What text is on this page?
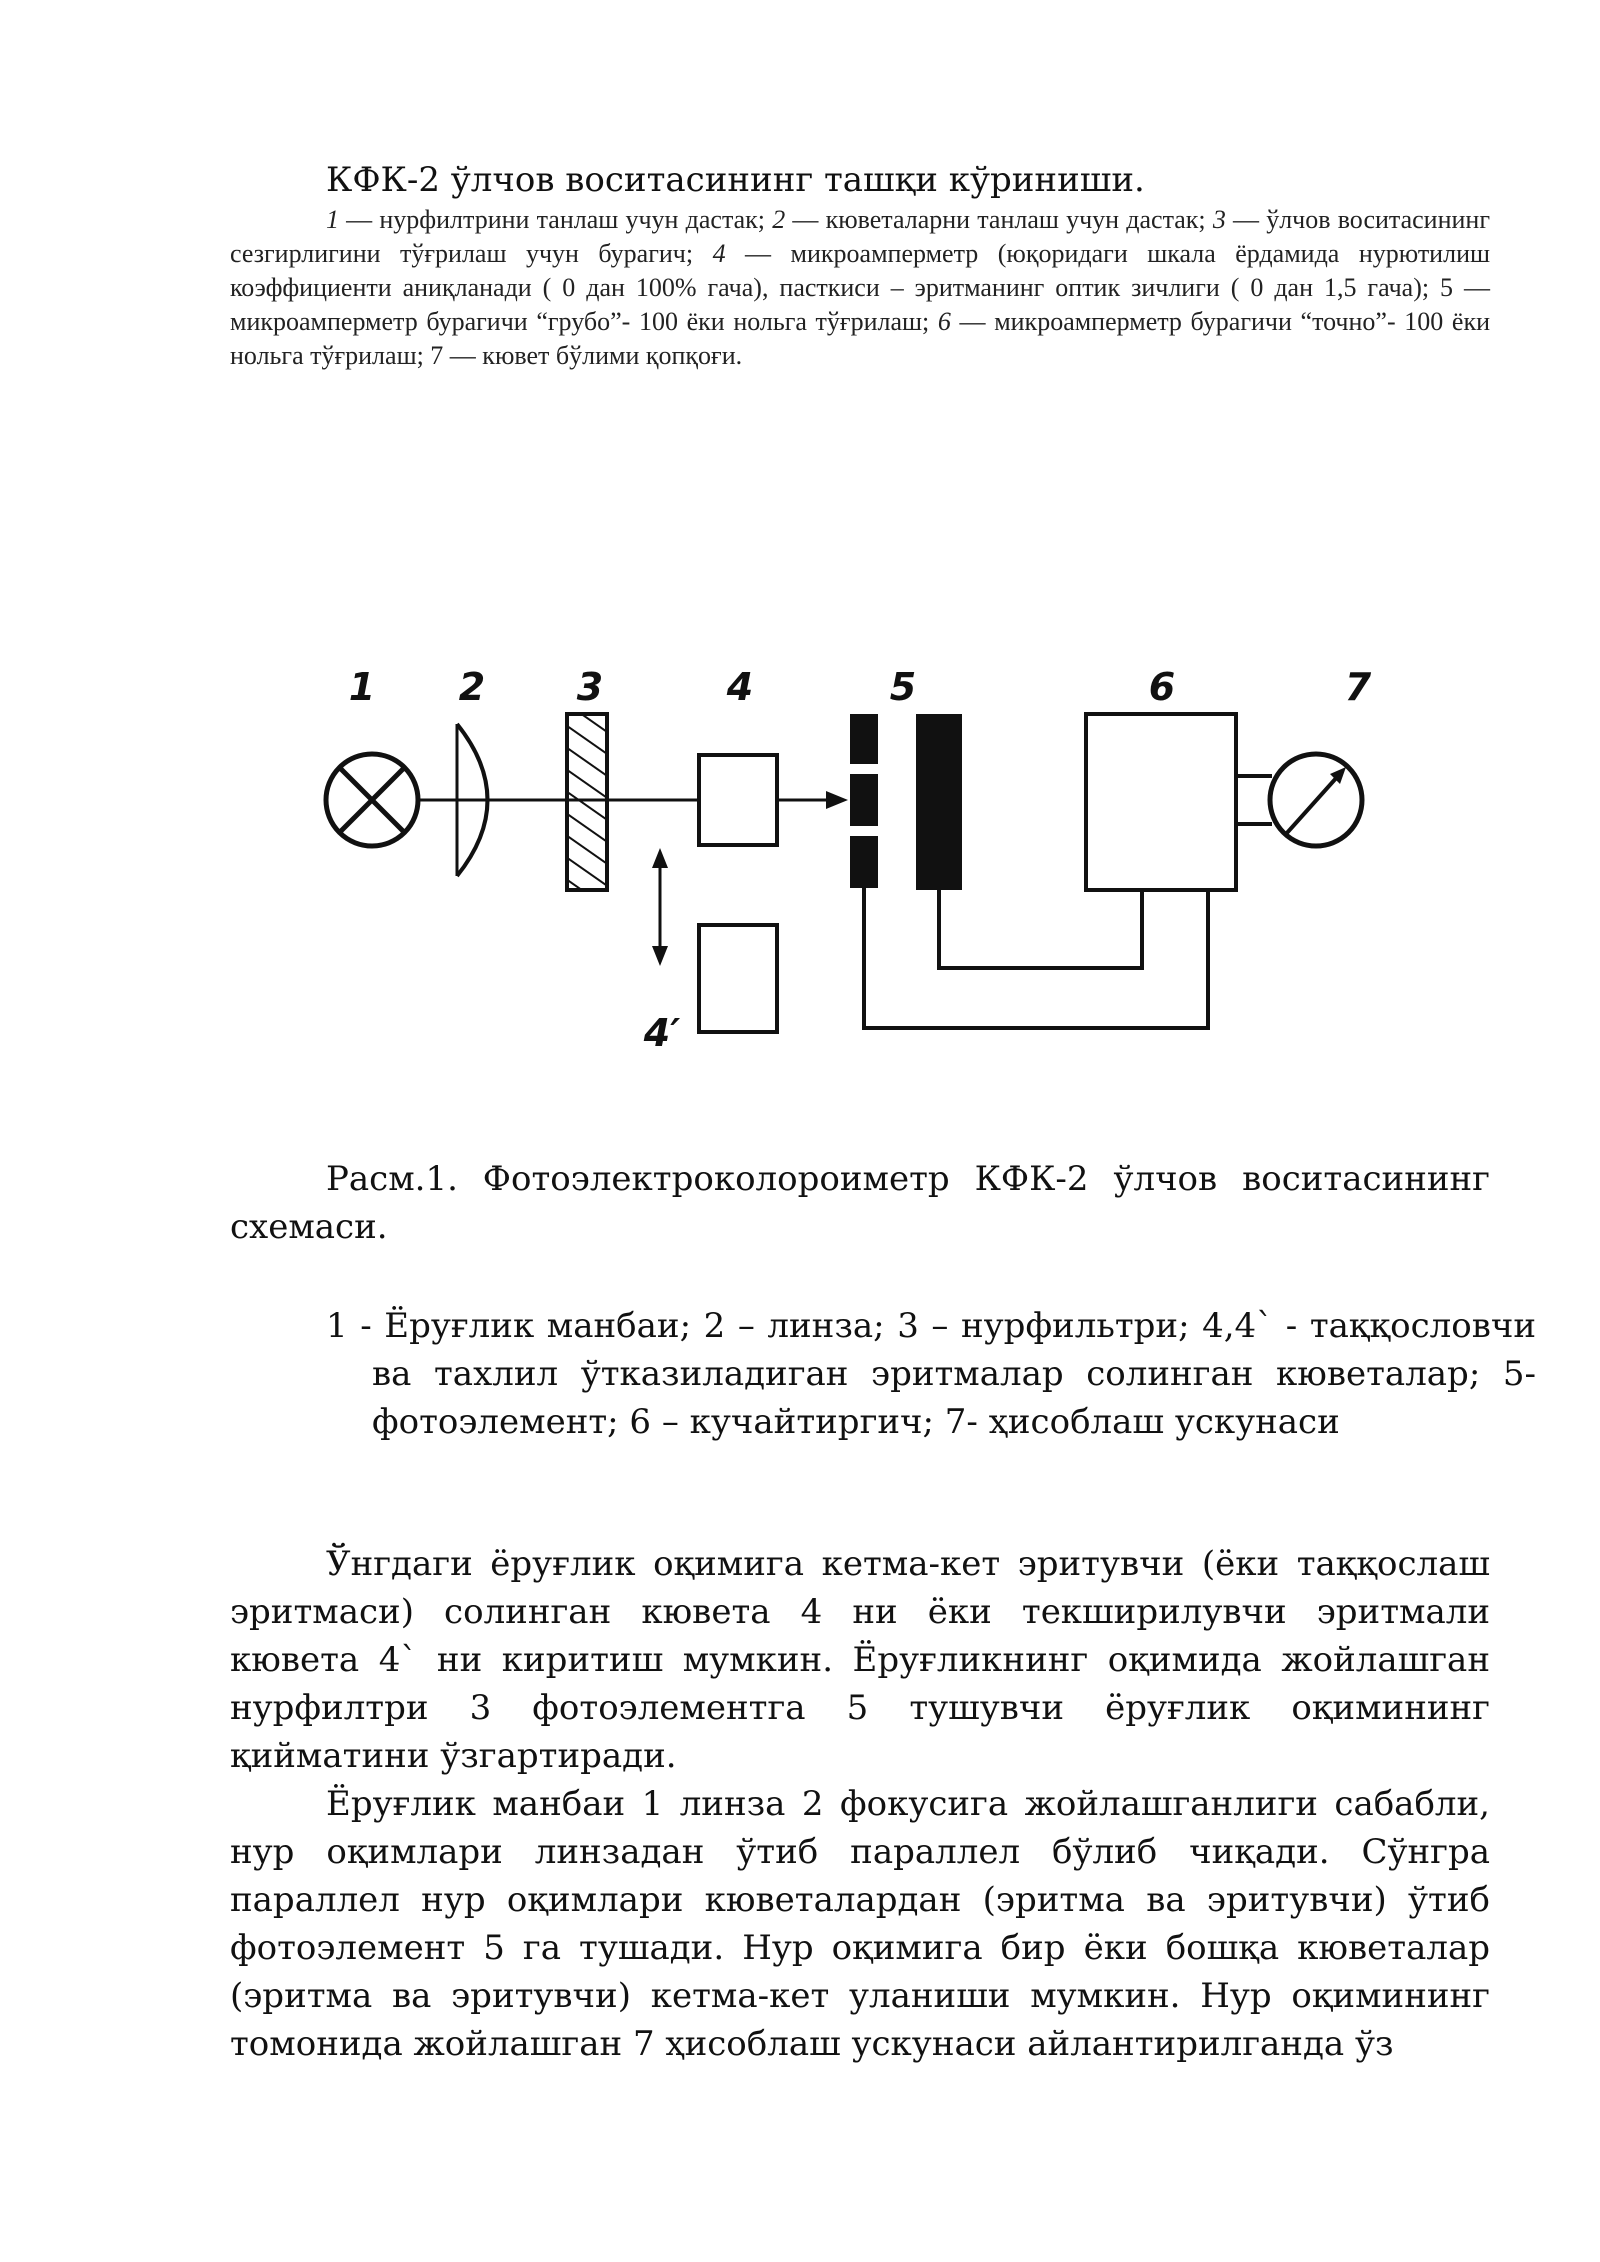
КФК-2 ўлчов воситасининг ташқи кўриниши.

1 — нурфилтрини танлаш учун дастак; 2 — кюветаларни танлаш учун дастак; 3 — ўлчов воситасининг сезгирлигини тўғрилаш учун бурагич; 4 — микроамперметр (юқоридаги шкала ёрдамида нурютилиш коэффициенти аниқланади ( 0 дан 100% гача), пасткиси – эритманинг оптик зичлиги ( 0 дан 1,5 гача); 5 — микроамперметр бурагичи “грубо”- 100 ёки нольга тўғрилаш; 6 — микроамперметр бурагичи “точно”- 100 ёки нольга тўғрилаш; 7 — кювет бўлими қопқоғи.

1 2 3	4	5	6	7
4′

Расм.1. Фотоэлектроколороиметр КФК-2 ўлчов воситасининг схемаси.

1 - Ёруғлик манбаи; 2 – линза; 3 – нурфильтри; 4,4` - таққословчи ва тахлил ўтказиладиган эритмалар солинган кюветалар; 5- фотоэлемент; 6 – кучайтиргич; 7- ҳисоблаш ускунаси

Ўнгдаги ёруғлик оқимига кетма-кет эритувчи (ёки таққослаш эритмаси) солинган кювета 4 ни ёки текширилувчи эритмали кювета 4` ни киритиш мумкин. Ёруғликнинг оқимида жойлашган нурфилтри 3 фотоэлементга 5 тушувчи ёруғлик оқимининг қийматини ўзгартиради.

Ёруғлик манбаи 1 линза 2 фокусига жойлашганлиги сабабли, нур оқимлари линзадан ўтиб параллел бўлиб чиқади. Сўнгра параллел нур оқимлари кюветалардан (эритма ва эритувчи) ўтиб фотоэлемент 5 га тушади. Нур оқимига бир ёки бошқа кюветалар (эритма ва эритувчи) кетма-кет уланиши мумкин. Нур оқимининг томонида жойлашган 7 ҳисоблаш ускунаси айлантирилганда ўз
